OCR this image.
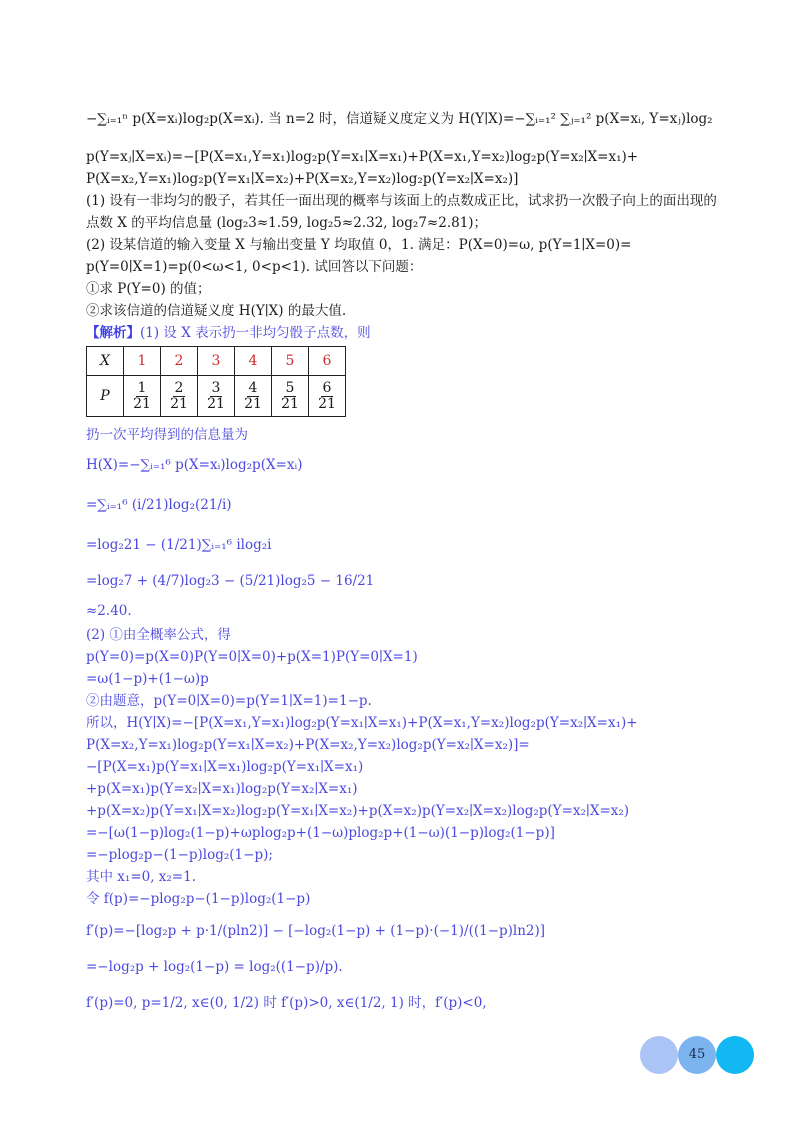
−∑ᵢ₌₁ⁿ p(X=xᵢ)log₂p(X=xᵢ). 当 n=2 时，信道疑义度定义为 H(Y∣X)=−∑ᵢ₌₁² ∑ⱼ₌₁² p(X=xᵢ, Y=xⱼ)log₂
p(Y=xⱼ∣X=xᵢ)=−[P(X=x₁,Y=x₁)log₂p(Y=x₁∣X=x₁)+P(X=x₁,Y=x₂)log₂p(Y=x₂∣X=x₁)+
P(X=x₂,Y=x₁)log₂p(Y=x₁∣X=x₂)+P(X=x₂,Y=x₂)log₂p(Y=x₂∣X=x₂)]
(1) 设有一非均匀的骰子，若其任一面出现的概率与该面上的点数成正比，试求扔一次骰子向上的面出现的
点数 X 的平均信息量 (log₂3≈1.59, log₂5≈2.32, log₂7≈2.81)；
(2) 设某信道的输入变量 X 与输出变量 Y 均取值 0，1. 满足：P(X=0)=ω, p(Y=1∣X=0)=
p(Y=0∣X=1)=p(0<ω<1, 0<p<1). 试回答以下问题：
①求 P(Y=0) 的值；
②求该信道的信道疑义度 H(Y∣X) 的最大值.
【解析】(1) 设 X 表示扔一非均匀骰子点数，则
X	1	2	3	4	5	6
P	$\frac{1}{21}$	$\frac{2}{21}$	$\frac{3}{21}$	$\frac{4}{21}$	$\frac{5}{21}$	$\frac{6}{21}$
扔一次平均得到的信息量为
H(X)=−∑ᵢ₌₁⁶ p(X=xᵢ)log₂p(X=xᵢ)
=∑ᵢ₌₁⁶ (i/21)log₂(21/i)
=log₂21 − (1/21)∑ᵢ₌₁⁶ ilog₂i
=log₂7 + (4/7)log₂3 − (5/21)log₂5 − 16/21
≈2.40.
(2) ①由全概率公式，得
p(Y=0)=p(X=0)P(Y=0∣X=0)+p(X=1)P(Y=0∣X=1)
=ω(1−p)+(1−ω)p
②由题意，p(Y=0∣X=0)=p(Y=1∣X=1)=1−p.
所以，H(Y∣X)=−[P(X=x₁,Y=x₁)log₂p(Y=x₁∣X=x₁)+P(X=x₁,Y=x₂)log₂p(Y=x₂∣X=x₁)+
P(X=x₂,Y=x₁)log₂p(Y=x₁∣X=x₂)+P(X=x₂,Y=x₂)log₂p(Y=x₂∣X=x₂)]=
−[P(X=x₁)p(Y=x₁∣X=x₁)log₂p(Y=x₁∣X=x₁)
+p(X=x₁)p(Y=x₂∣X=x₁)log₂p(Y=x₂∣X=x₁)
+p(X=x₂)p(Y=x₁∣X=x₂)log₂p(Y=x₁∣X=x₂)+p(X=x₂)p(Y=x₂∣X=x₂)log₂p(Y=x₂∣X=x₂)
=−[ω(1−p)log₂(1−p)+ωplog₂p+(1−ω)plog₂p+(1−ω)(1−p)log₂(1−p)]
=−plog₂p−(1−p)log₂(1−p);
其中 x₁=0, x₂=1.
令 f(p)=−plog₂p−(1−p)log₂(1−p)
f′(p)=−[log₂p + p·1/(pln2)] − [−log₂(1−p) + (1−p)·(−1)/((1−p)ln2)]
=−log₂p + log₂(1−p) = log₂((1−p)/p).
f′(p)=0, p=1/2, x∈(0, 1/2) 时 f′(p)>0, x∈(1/2, 1) 时，f′(p)<0,
45
